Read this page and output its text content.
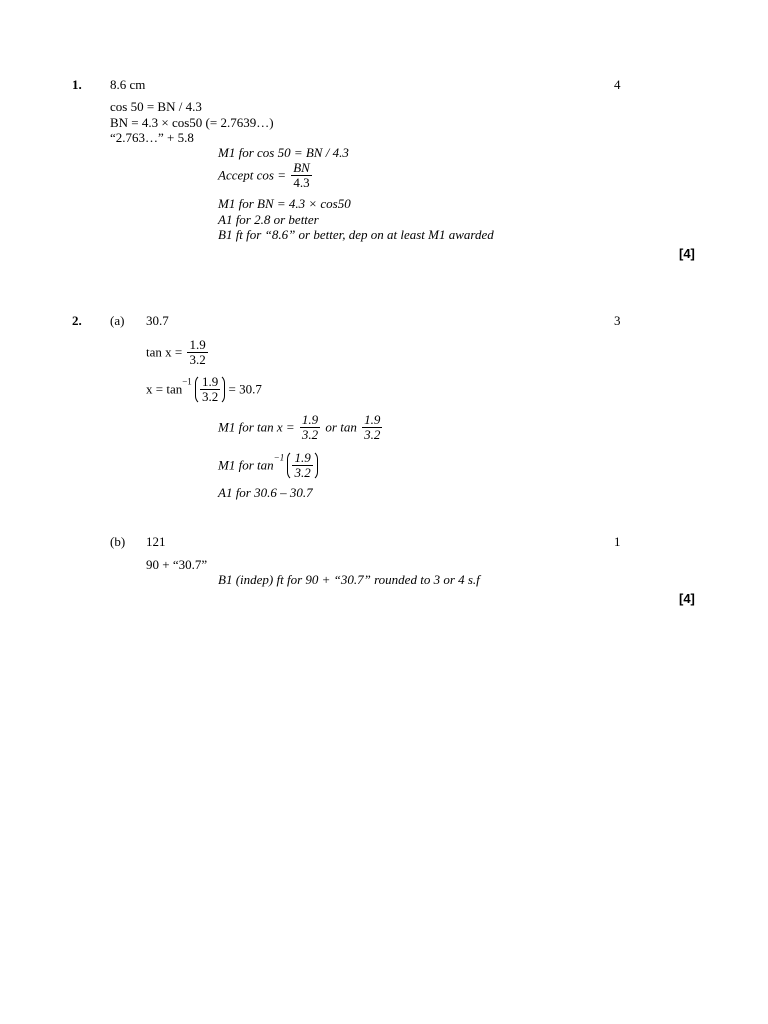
1. 8.6 cm	4
cos 50 = BN / 4.3
BN = 4.3 × cos50 (= 2.7639…)
“2.763…” + 5.8
M1 for cos 50 = BN / 4.3
Accept $\cos = \frac{BN}{4.3}$
M1 for BN = 4.3 × cos50
A1 for 2.8 or better
B1 ft for “8.6” or better, dep on at least M1 awarded
[4]
2. (a) 30.7	3
$\tan x = \frac{1.9}{3.2}$
$x = \tan^{-1} \frac{1.9}{3.2} = 30.7$
M1 for $\tan x = \frac{1.9}{3.2}$ or $\tan \frac{1.9}{3.2}$
M1 for $\tan^{-1} \frac{1.9}{3.2}$
A1 for 30.6 – 30.7
(b) 121	1
90 + “30.7”
B1 (indep) ft for 90 + “30.7” rounded to 3 or 4 s.f
[4]
